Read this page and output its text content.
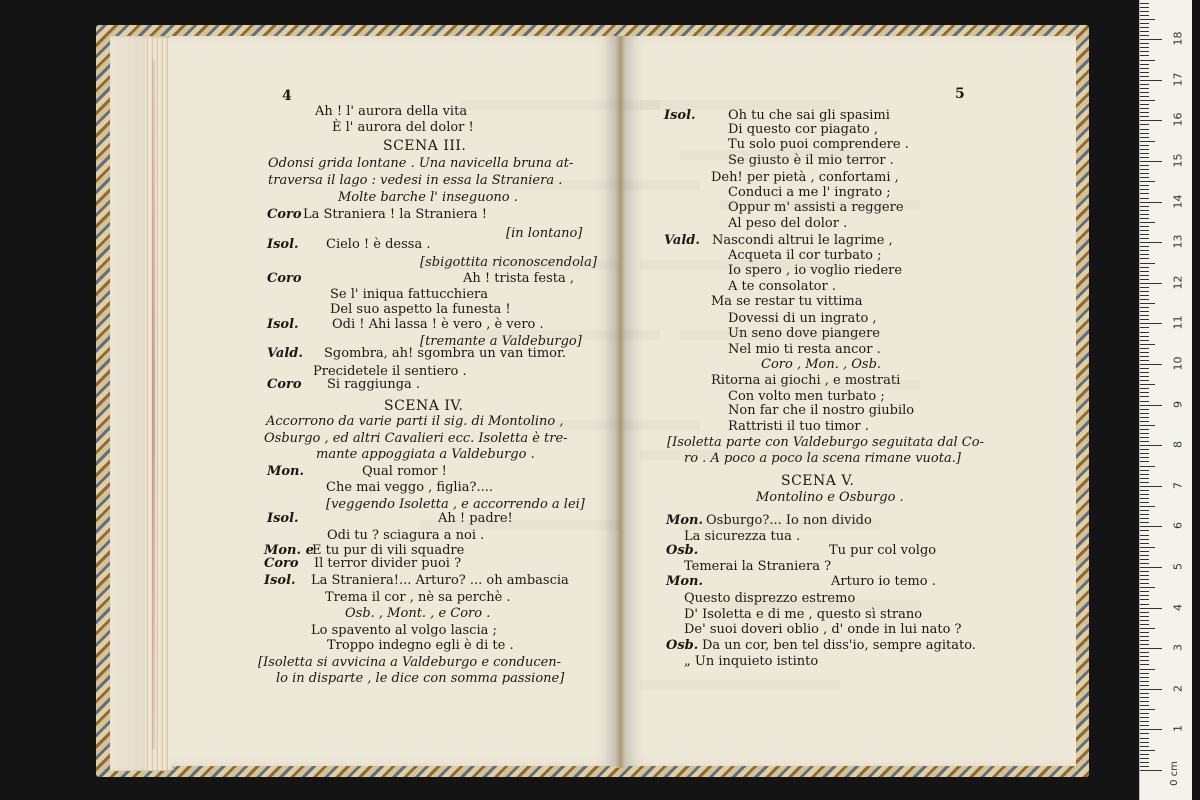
Ah ! l' aurora della vita
È l' aurora del dolor !
SCENA III.
Odonsi grida lontane . Una navicella bruna at-
traversa il lago : vedesi in essa la Straniera .
Molte barche l' inseguono .
Coro La Straniera ! la Straniera !
[in lontano]
Isol. Cielo ! è dessa .
[sbigottita riconoscendola]
Coro	Ah ! trista festa ,
Se l' iniqua fattucchiera
Del suo aspetto la funesta !
Isol.	Odi ! Ahi lassa ! è vero , è vero .
[tremante a Valdeburgo]
Vald. Sgombra, ah! sgombra un van timor.
Precidetele il sentiero .
Coro Si raggiunga .
SCENA IV.
Accorrono da varie parti il sig. di Montolino ,
Osburgo , ed altri Cavalieri ecc. Isoletta è tre-
mante appoggiata a Valdeburgo .
Mon.	Qual romor !
Che mai veggo , figlia?....
[veggendo Isoletta , e accorrendo a lei]
Isol.	Ah ! padre!
Odi tu ? sciagura a noi .
Mon. e
E tu pur di vili squadre
Coro Il terror divider puoi ?
Isol. La Straniera!... Arturo? ... oh ambascia
Trema il cor , nè sa perchè .
Osb. , Mont. , e Coro .
Lo spavento al volgo lascia ;
Troppo indegno egli è di te .
[Isoletta si avvicina a Valdeburgo e conducen-
lo in disparte , le dice con somma passione]
Isol. Oh tu che sai gli spasimi
Di questo cor piagato ,
Tu solo puoi comprendere .
Se giusto è il mio terror .
Deh! per pietà , confortami ,
Conduci a me l' ingrato ;
Oppur m' assisti a reggere
Al peso del dolor .
Vald. Nascondi altrui le lagrime ,
Acqueta il cor turbato ;
Io spero , io voglio riedere
A te consolator .
Ma se restar tu vittima
Dovessi di un ingrato ,
Un seno dove piangere
Nel mio ti resta ancor .
Coro , Mon. , Osb.
Ritorna ai giochi , e mostrati
Con volto men turbato ;
Non far che il nostro giubilo
Rattristi il tuo timor .
[Isoletta parte con Valdeburgo seguitata dal Co-
ro . A poco a poco la scena rimane vuota.]
SCENA V.
Montolino e Osburgo .
Mon. Osburgo?... Io non divido
La sicurezza tua .
Osb.	Tu pur col volgo
Temerai la Straniera ?
Mon.	Arturo io temo .
Questo disprezzo estremo
D' Isoletta e di me , questo sì strano
De' suoi doveri oblio , d' onde in lui nato ?
Osb. Da un cor, ben tel diss'io, sempre agitato.
„ Un inquieto istinto
1
2
3
4
5
6
7
8
9
10
11
12
13
14
15
16
17
18
0 cm
4	5
